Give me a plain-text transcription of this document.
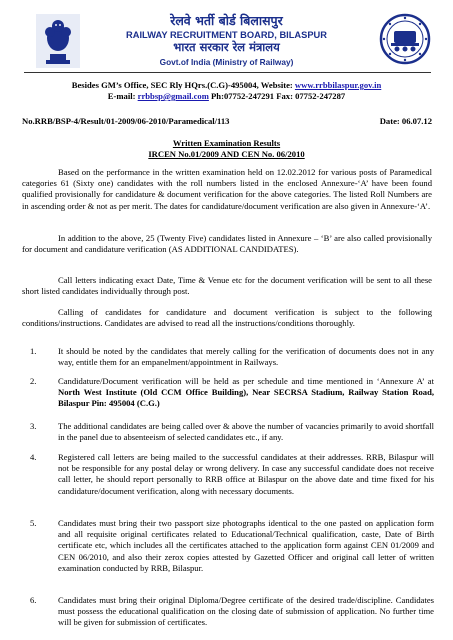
रेलवे भर्ती बोर्ड बिलासपुर
RAILWAY RECRUITMENT BOARD, BILASPUR
भारत सरकार रेल मंत्रालय
Govt.of India (Ministry of Railway)
Besides GM’s Office, SEC Rly HQrs.(C.G)-495004, Website: www.rrbbilaspur.gov.in
E-mail: rrbbsp@gmail.com Ph:07752-247291 Fax: 07752-247287
No.RRB/BSP-4/Result/01-2009/06-2010/Paramedical/113	Date: 06.07.12
Written Examination Results
IRCEN No.01/2009 AND CEN No. 06/2010

Based on the performance in the written examination held on 12.02.2012 for various posts of Paramedical categories 61 (Sixty one) candidates with the roll numbers listed in the enclosed Annexure-‘A’ have been found qualified provisionally for candidature & document verification for the above categories. The listed Roll Numbers are in ascending order & not as per merit. The dates for candidature/document verification are also given in Annexure-‘A’.

In addition to the above, 25 (Twenty Five) candidates listed in Annexure – ‘B’ are also called provisionally for document and candidature verification (AS ADDITIONAL CANDIDATES).

Call letters indicating exact Date, Time & Venue etc for the document verification will be sent to all these short listed candidates individually through post.

Calling of candidates for candidature and document verification is subject to the following conditions/instructions. Candidates are advised to read all the instructions/conditions thoroughly.

1.	It should be noted by the candidates that merely calling for the verification of documents does not in any way, entitle them for an empanelment/appointment in Railways.
2.	Candidature/Document verification will be held as per schedule and time mentioned in ‘Annexure A’ at North West Institute (Old CCM Office Building), Near SECRSA Stadium, Railway Station Road, Bilaspur Pin: 495004 (C.G.)
3.	The additional candidates are being called over & above the number of vacancies primarily to avoid shortfall in the panel due to absenteeism of selected candidates etc., if any.
4.	Registered call letters are being mailed to the successful candidates at their addresses. RRB, Bilaspur will not be responsible for any postal delay or wrong delivery. In case any successful candidate does not receive call letter, he should report personally to RRB office at Bilaspur on the above date and time fixed for his candidature/document verification, along with necessary documents.
5.	Candidates must bring their two passport size photographs identical to the one pasted on application form and all requisite original certificates related to Educational/Technical qualification, caste, Date of Birth certificate etc, which includes all the certificates attached to the application form against CEN 01/2009 and CEN 06/2010, and also their zerox copies attested by Gazetted Officer and original call letter of written examination conducted by RRB, Bilaspur.
6.	Candidates must bring their original Diploma/Degree certificate of the desired trade/discipline. Candidates must possess the educational qualification on the closing date of submission of application. No further time will be given for submission of certificates.
